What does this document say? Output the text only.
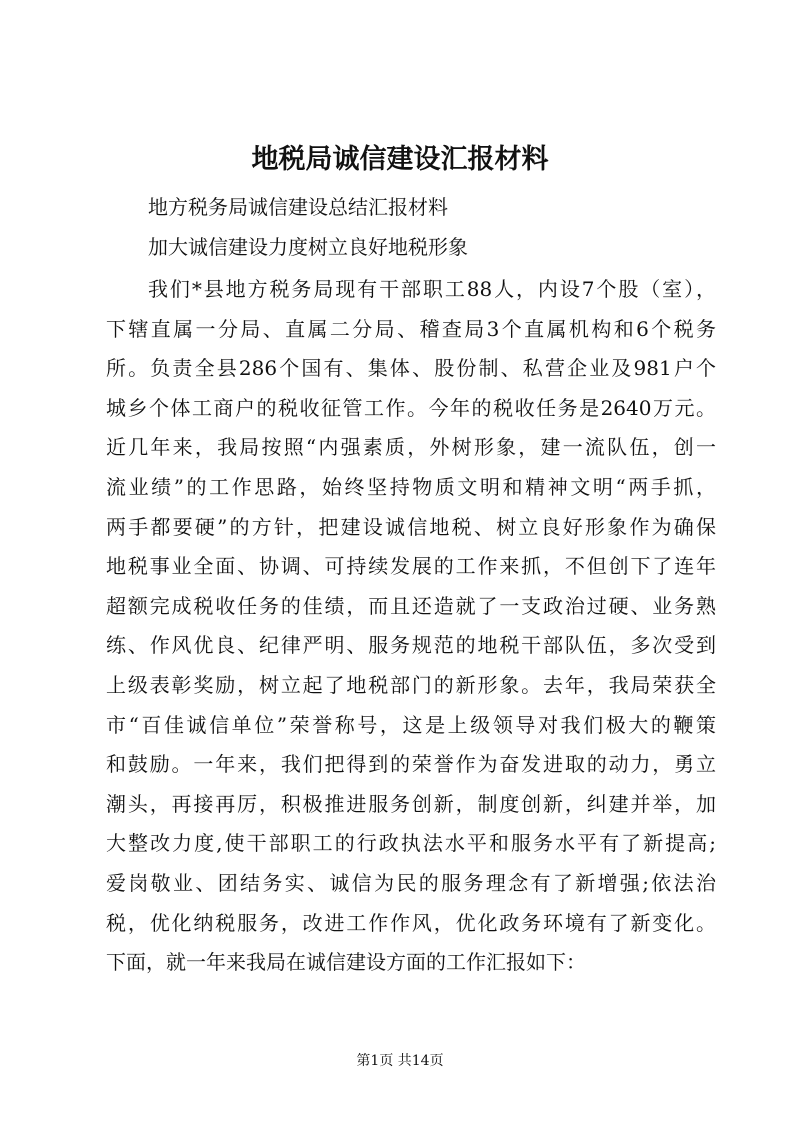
地税局诚信建设汇报材料

地方税务局诚信建设总结汇报材料

加大诚信建设力度树立良好地税形象

我们*县地方税务局现有干部职工88人，内设7个股（室），
下辖直属一分局、直属二分局、稽查局3个直属机构和6个税务
所。负责全县286个国有、集体、股份制、私营企业及981户个
城乡个体工商户的税收征管工作。今年的税收任务是2640万元。
近几年来，我局按照“内强素质，外树形象，建一流队伍，创一
流业绩”的工作思路，始终坚持物质文明和精神文明“两手抓，
两手都要硬”的方针，把建设诚信地税、树立良好形象作为确保
地税事业全面、协调、可持续发展的工作来抓，不但创下了连年
超额完成税收任务的佳绩，而且还造就了一支政治过硬、业务熟
练、作风优良、纪律严明、服务规范的地税干部队伍，多次受到
上级表彰奖励，树立起了地税部门的新形象。去年，我局荣获全
市“百佳诚信单位”荣誉称号，这是上级领导对我们极大的鞭策
和鼓励。一年来，我们把得到的荣誉作为奋发进取的动力，勇立
潮头，再接再厉，积极推进服务创新，制度创新，纠建并举，加
大整改力度,使干部职工的行政执法水平和服务水平有了新提高;
爱岗敬业、团结务实、诚信为民的服务理念有了新增强;依法治
税，优化纳税服务，改进工作作风，优化政务环境有了新变化。
下面，就一年来我局在诚信建设方面的工作汇报如下：

第1页 共14页
